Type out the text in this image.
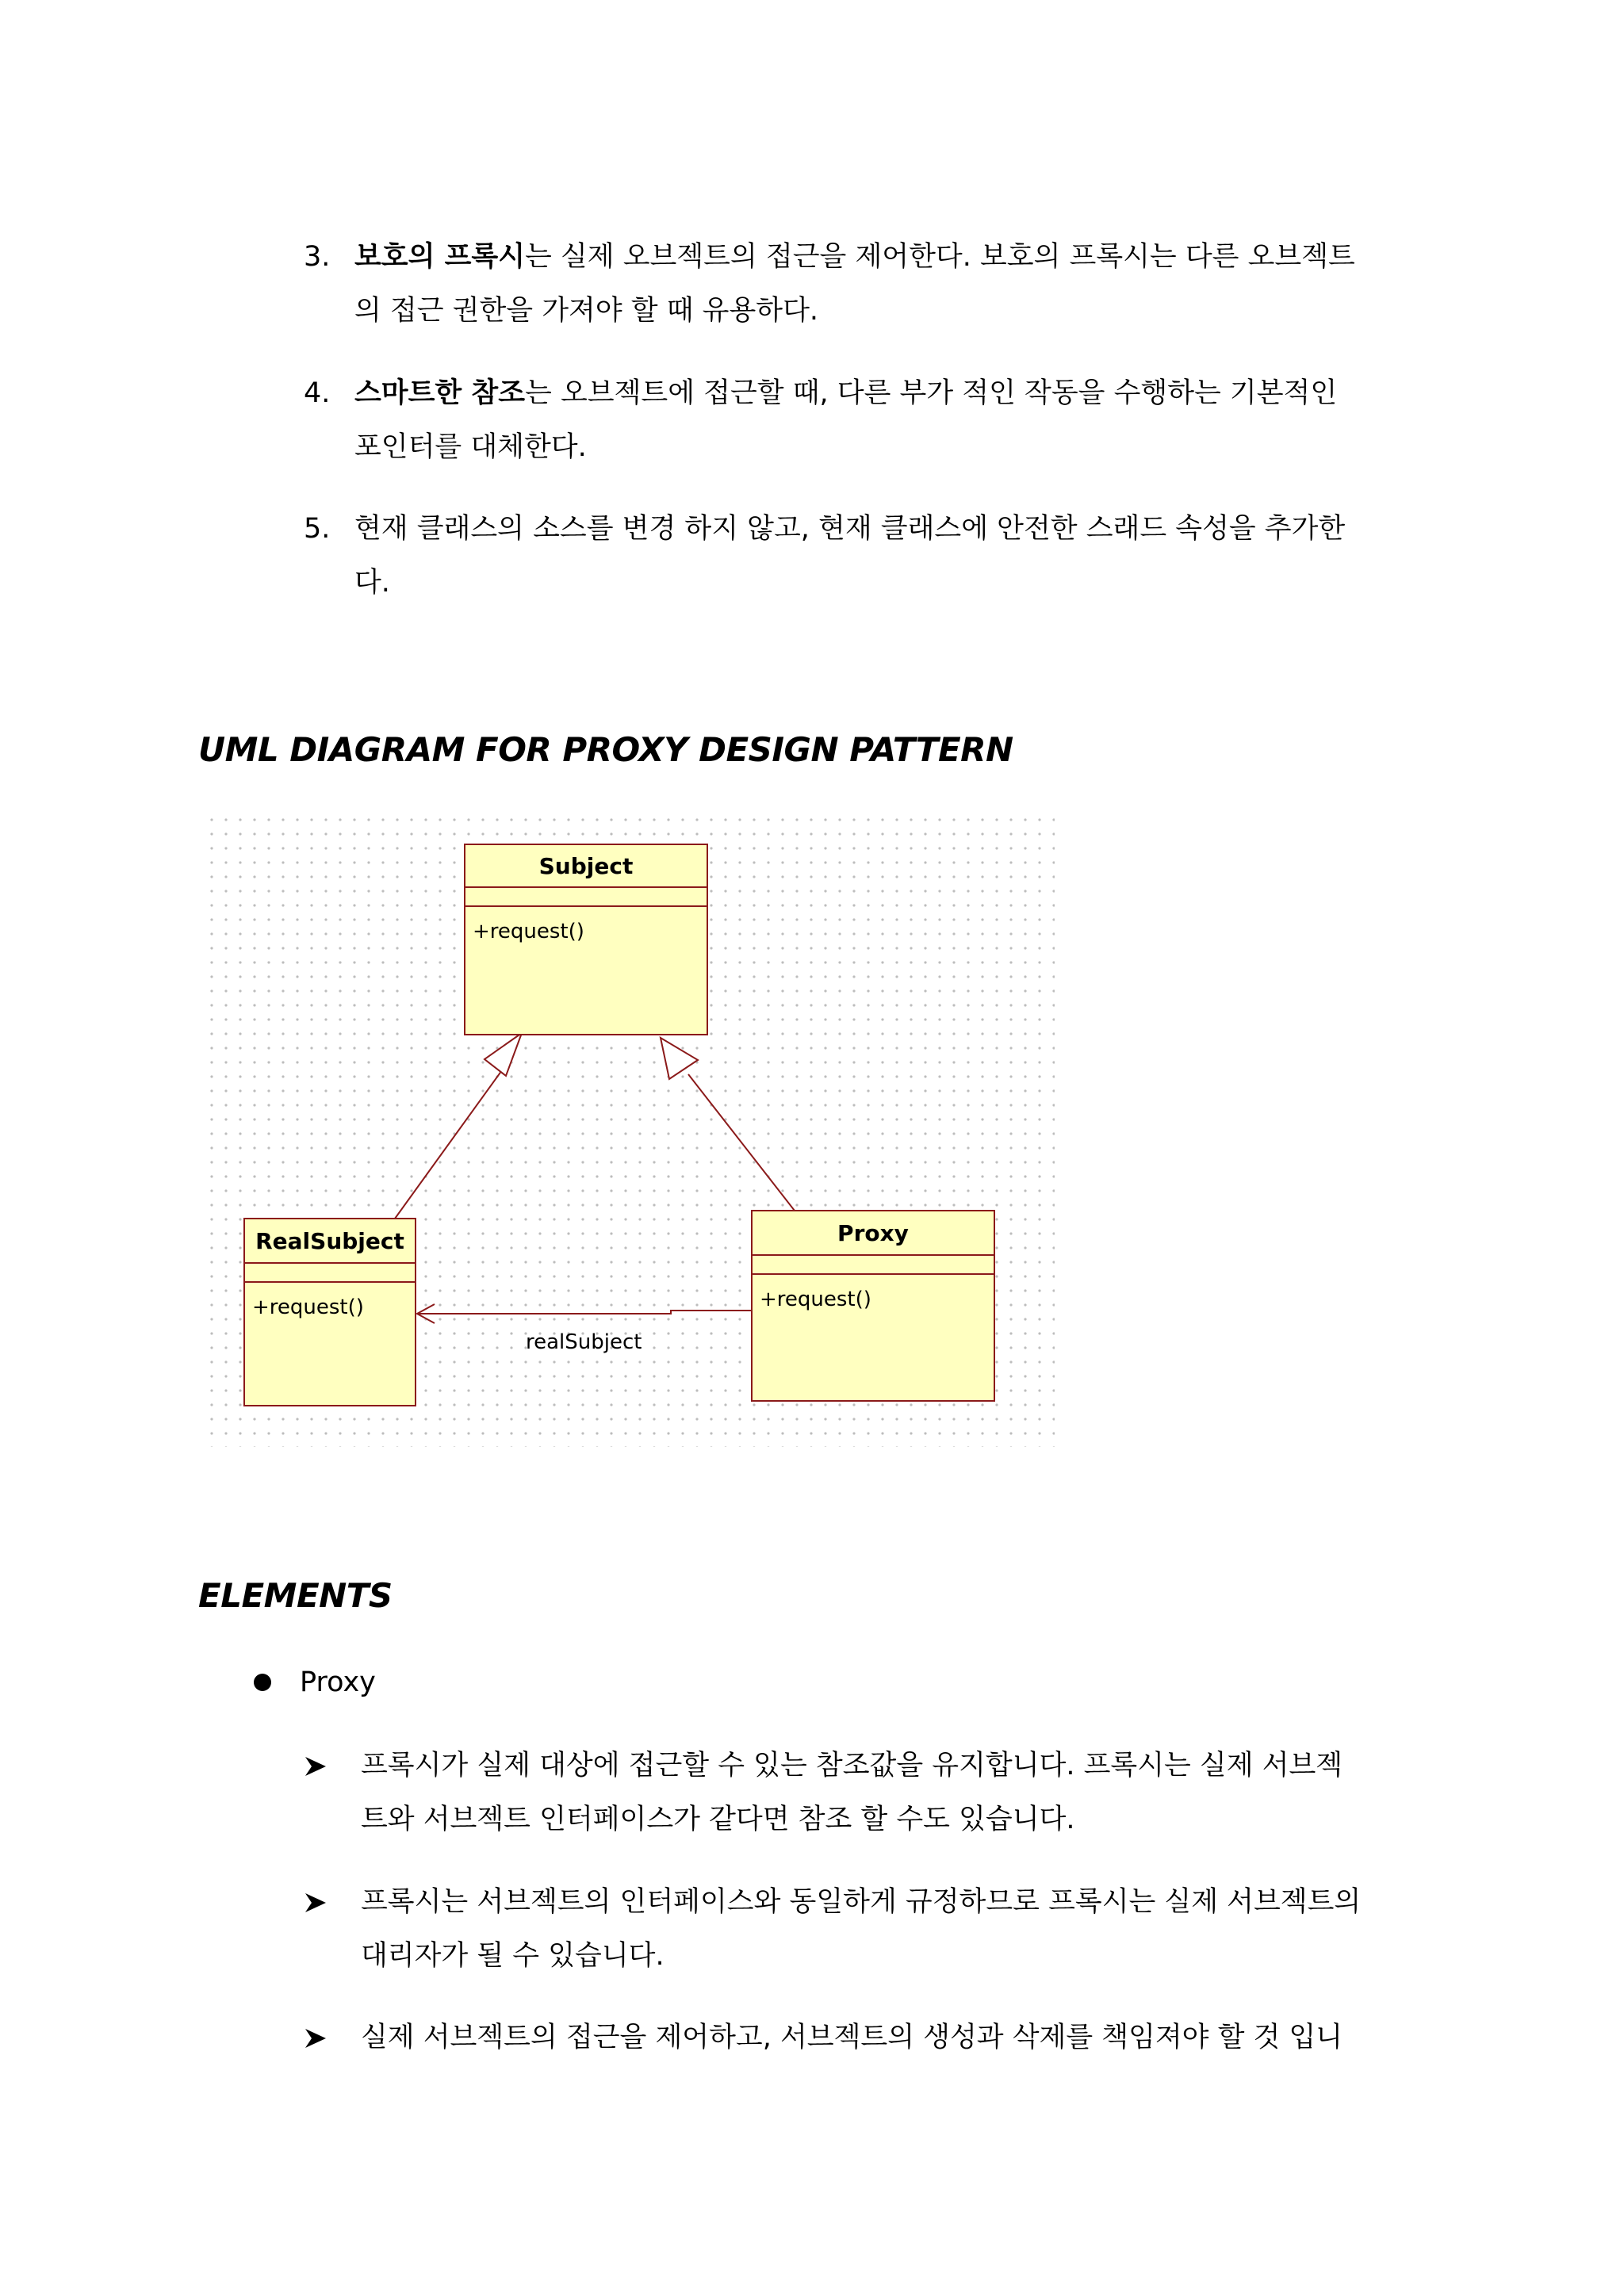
3. 보호의 프록시는 실제 오브젝트의 접근을 제어한다. 보호의 프록시는 다른 오브젝트
의 접근 권한을 가져야 할 때 유용하다.
4. 스마트한 참조는 오브젝트에 접근할 때, 다른 부가 적인 작동을 수행하는 기본적인
포인터를 대체한다.
5. 현재 클래스의 소스를 변경 하지 않고, 현재 클래스에 안전한 스래드 속성을 추가한
다.
UML DIAGRAM FOR PROXY DESIGN PATTERN
Subject
+request()
RealSubject
+request()
Proxy
+request()
realSubject
ELEMENTS
Proxy
프록시가 실제 대상에 접근할 수 있는 참조값을 유지합니다. 프록시는 실제 서브젝
트와 서브젝트 인터페이스가 같다면 참조 할 수도 있습니다.
프록시는 서브젝트의 인터페이스와 동일하게 규정하므로 프록시는 실제 서브젝트의
대리자가 될 수 있습니다.
실제 서브젝트의 접근을 제어하고, 서브젝트의 생성과 삭제를 책임져야 할 것 입니
